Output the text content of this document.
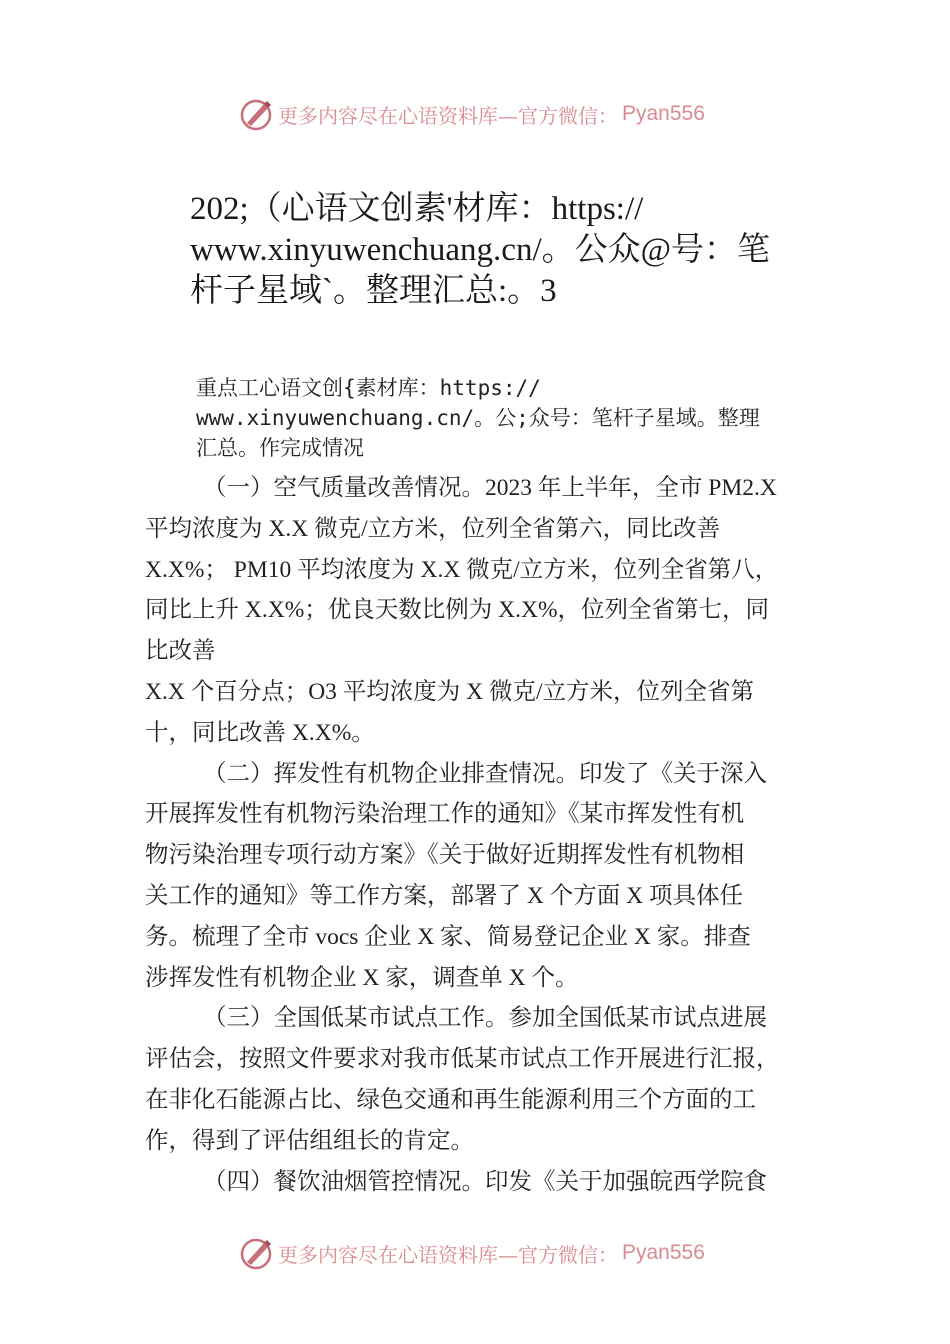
更多内容尽在心语资料库—官方微信： Pyan556
202;（心语文创素'材库：https://
www.xinyuwenchuang.cn/。公众@号：笔
杆子星域`。整理汇总:。3
重点工心语文创{素材库：https://
www.xinyuwenchuang.cn/。公;众号：笔杆子星域。整理
汇总。作完成情况
（一）空气质量改善情况。2023 年上半年，全市 PM2.X
平均浓度为 X.X 微克/立方米，位列全省第六，同比改善
X.X%； PM10 平均浓度为 X.X 微克/立方米，位列全省第八，
同比上升 X.X%；优良天数比例为 X.X%，位列全省第七，同
比改善
X.X 个百分点；O3 平均浓度为 X 微克/立方米，位列全省第
十，同比改善 X.X%。
（二）挥发性有机物企业排查情况。印发了《关于深入
开展挥发性有机物污染治理工作的通知》《某市挥发性有机
物污染治理专项行动方案》《关于做好近期挥发性有机物相
关工作的通知》等工作方案，部署了 X 个方面 X 项具体任
务。梳理了全市 vocs 企业 X 家、简易登记企业 X 家。排查
涉挥发性有机物企业 X 家，调查单 X 个。
（三）全国低某市试点工作。参加全国低某市试点进展
评估会，按照文件要求对我市低某市试点工作开展进行汇报，
在非化石能源占比、绿色交通和再生能源利用三个方面的工
作，得到了评估组组长的肯定。
（四）餐饮油烟管控情况。印发《关于加强皖西学院食
更多内容尽在心语资料库—官方微信： Pyan556
